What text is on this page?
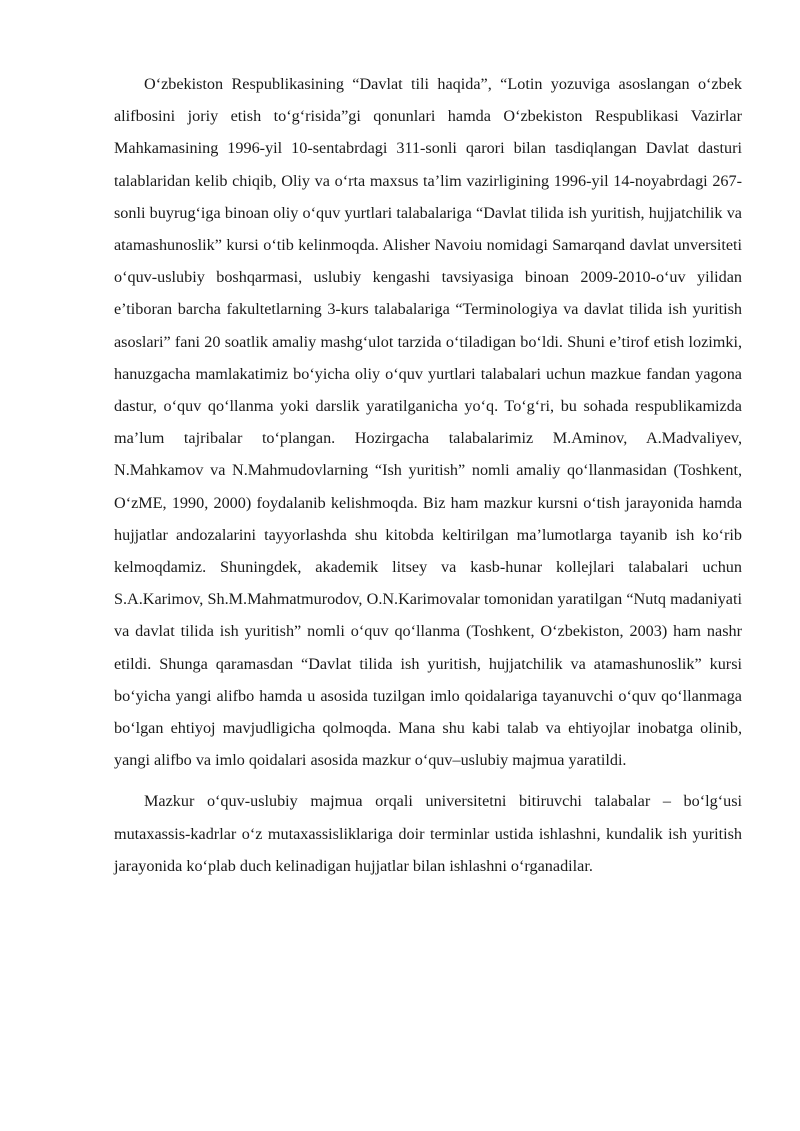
O‘zbekiston Respublikasining “Davlat tili haqida”, “Lotin yozuviga asoslangan o‘zbek alifbosini joriy etish to‘g‘risida”gi qonunlari hamda O‘zbekiston Respublikasi Vazirlar Mahkamasining 1996-yil 10-sentabrdagi 311-sonli qarori bilan tasdiqlangan Davlat dasturi talablaridan kelib chiqib, Oliy va o‘rta maxsus ta’lim vazirligining 1996-yil 14-noyabrdagi 267-sonli buyrug‘iga binoan oliy o‘quv yurtlari talabalariga “Davlat tilida ish yuritish, hujjatchilik va atamashunoslik” kursi o‘tib kelinmoqda. Alisher Navoiu nomidagi Samarqand davlat unversiteti o‘quv-uslubiy boshqarmasi, uslubiy kengashi tavsiyasiga binoan 2009-2010-o‘uv yilidan e’tiboran barcha fakultetlarning 3-kurs talabalariga “Terminologiya va davlat tilida ish yuritish asoslari” fani 20 soatlik amaliy mashg‘ulot tarzida o‘tiladigan bo‘ldi. Shuni e’tirof etish lozimki, hanuzgacha mamlakatimiz bo‘yicha oliy o‘quv yurtlari talabalari uchun mazkue fandan yagona dastur, o‘quv qo‘llanma yoki darslik yaratilganicha yo‘q. To‘g‘ri, bu sohada respublikamizda ma’lum tajribalar to‘plangan. Hozirgacha talabalarimiz M.Aminov, A.Madvaliyev, N.Mahkamov va N.Mahmudovlarning “Ish yuritish” nomli amaliy qo‘llanmasidan (Toshkent, O‘zME, 1990, 2000) foydalanib kelishmoqda. Biz ham mazkur kursni o‘tish jarayonida hamda hujjatlar andozalarini tayyorlashda shu kitobda keltirilgan ma’lumotlarga tayanib ish ko‘rib kelmoqdamiz. Shuningdek, akademik litsey va kasb-hunar kollejlari talabalari uchun S.A.Karimov, Sh.M.Mahmatmurodov, O.N.Karimovalar tomonidan yaratilgan “Nutq madaniyati va davlat tilida ish yuritish” nomli o‘quv qo‘llanma (Toshkent, O‘zbekiston, 2003) ham nashr etildi. Shunga qaramasdan “Davlat tilida ish yuritish, hujjatchilik va atamashunoslik” kursi bo‘yicha yangi alifbo hamda u asosida tuzilgan imlo qoidalariga tayanuvchi o‘quv qo‘llanmaga bo‘lgan ehtiyoj mavjudligicha qolmoqda. Mana shu kabi talab va ehtiyojlar inobatga olinib, yangi alifbo va imlo qoidalari asosida mazkur o‘quv–uslubiy majmua yaratildi.

Mazkur o‘quv-uslubiy majmua orqali universitetni bitiruvchi talabalar – bo‘lg‘usi mutaxassis-kadrlar o‘z mutaxassisliklariga doir terminlar ustida ishlashni, kundalik ish yuritish jarayonida ko‘plab duch kelinadigan hujjatlar bilan ishlashni o‘rganadilar.
